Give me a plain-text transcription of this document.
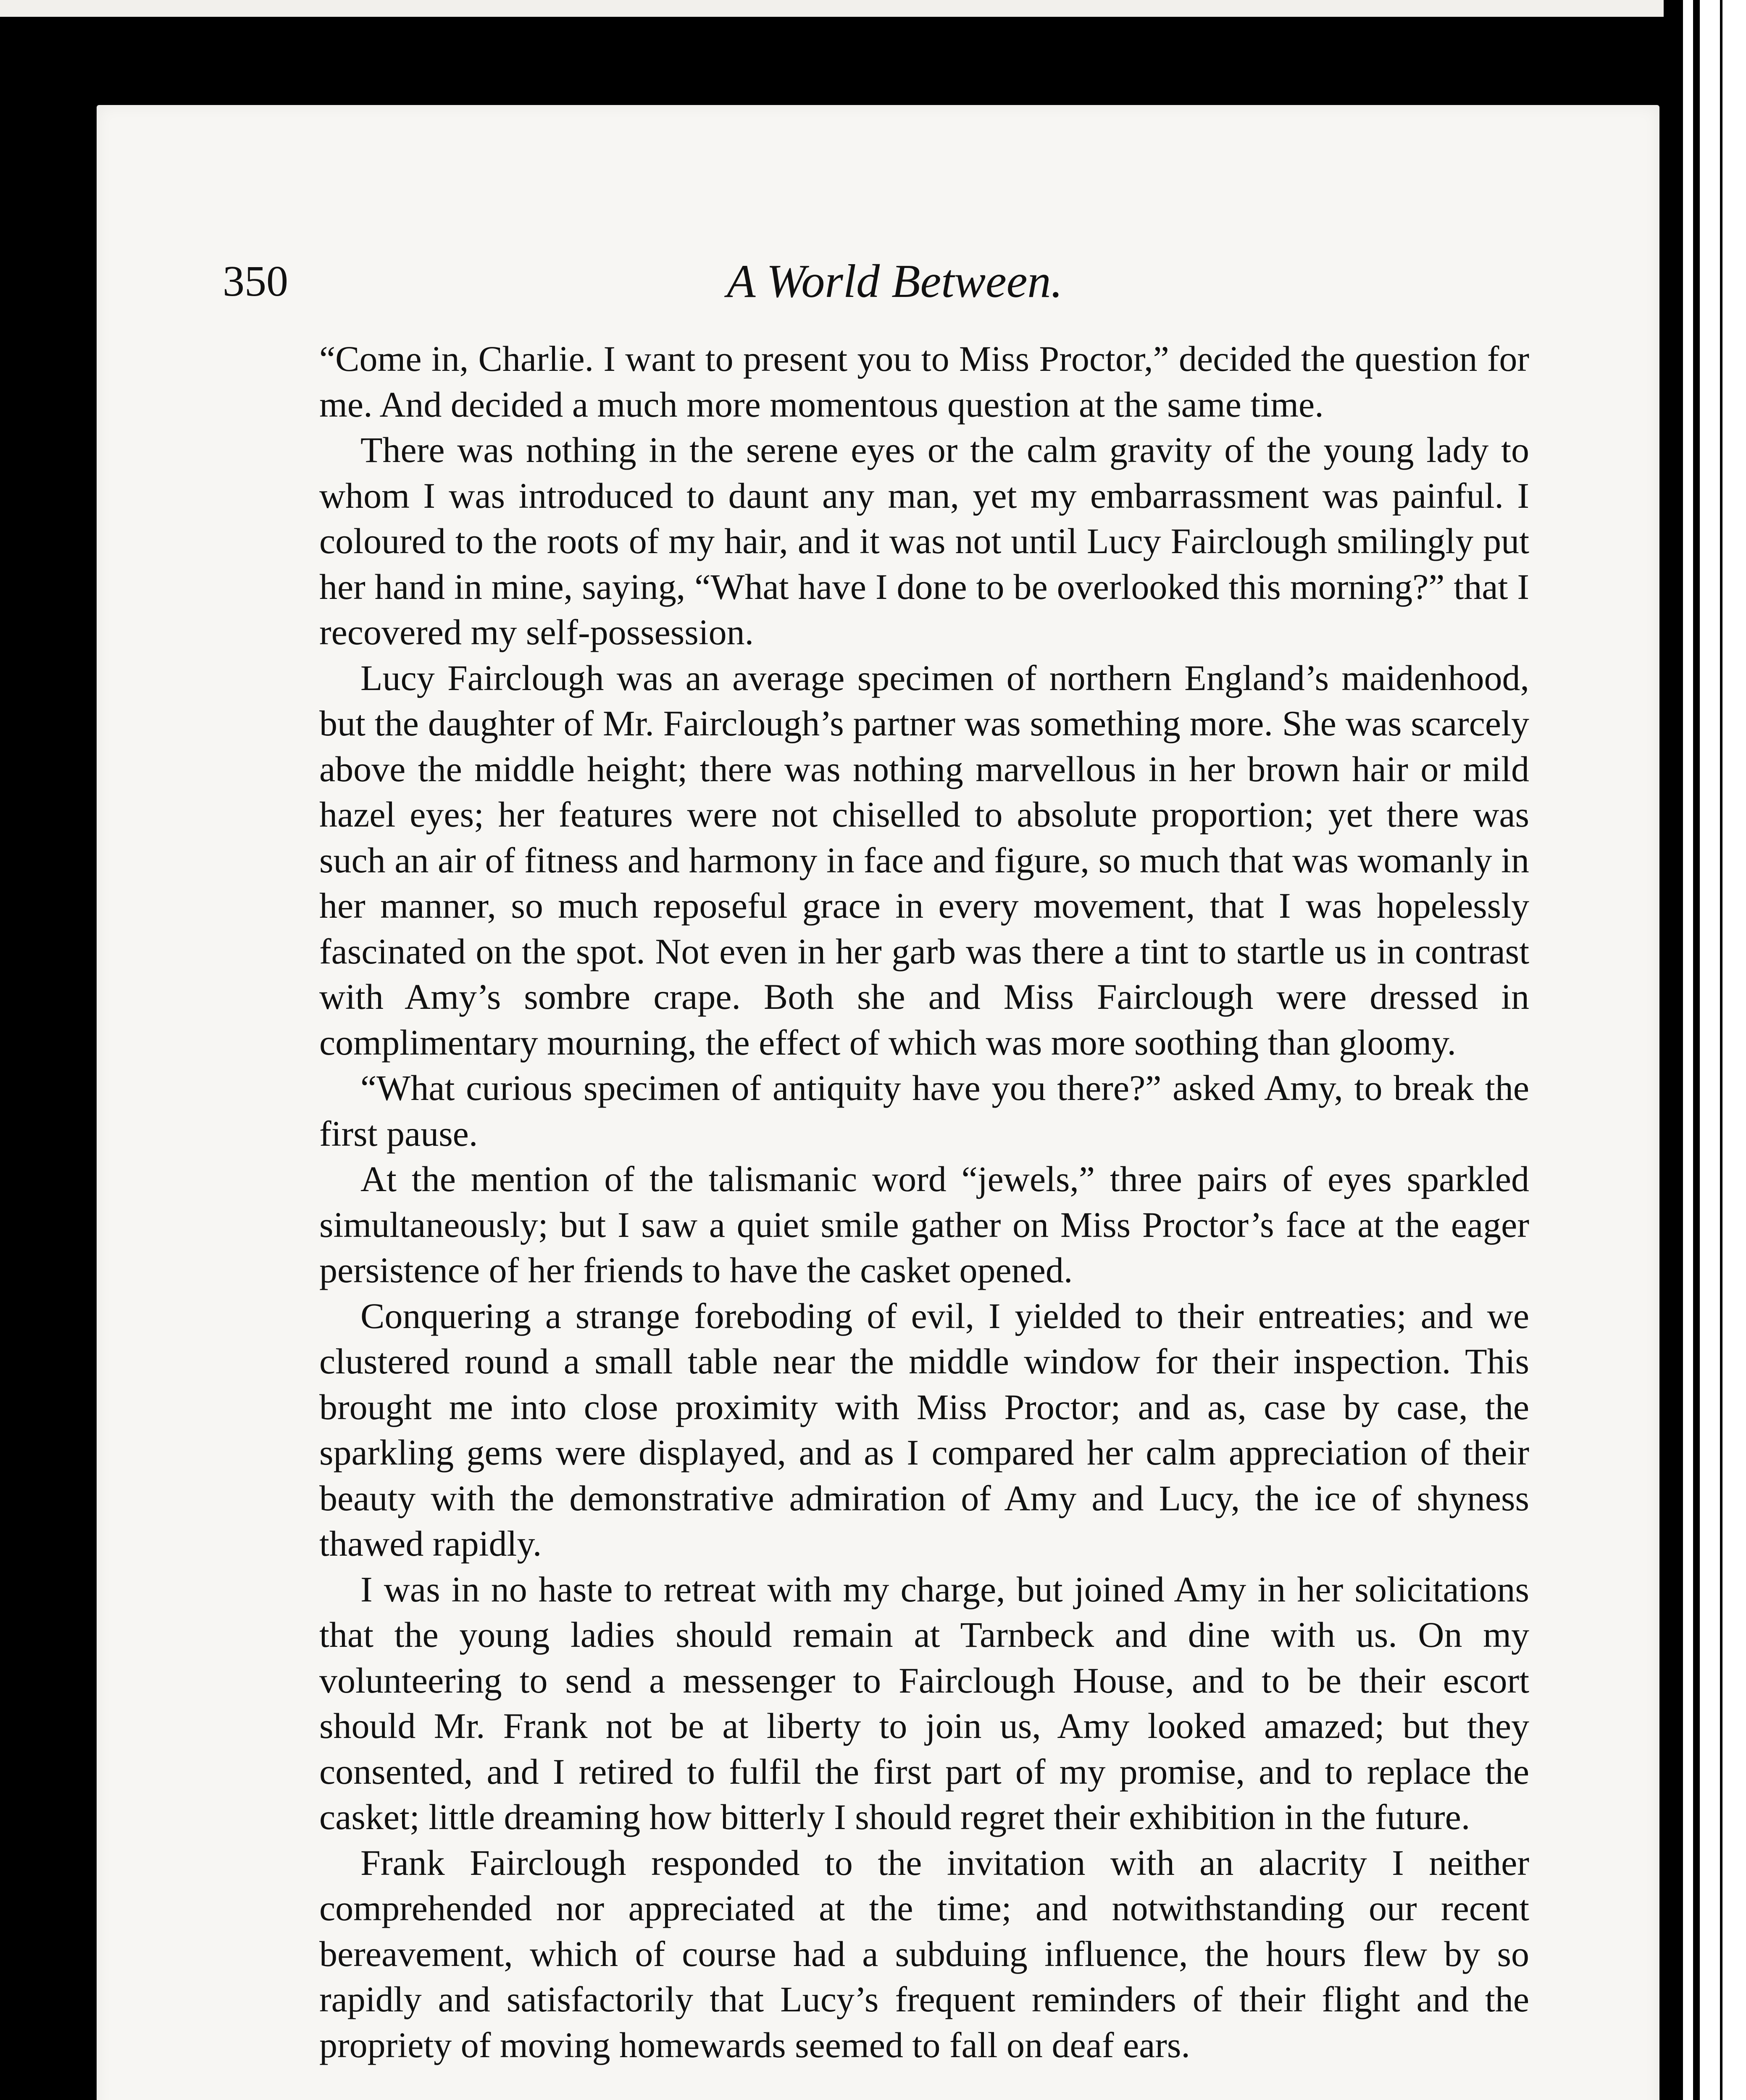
350	A World Between.

“Come in, Charlie. I want to present you to Miss Proctor,” decided the question for me. And decided a much more momentous question at the same time.

There was nothing in the serene eyes or the calm gravity of the young lady to whom I was introduced to daunt any man, yet my embarrassment was painful. I coloured to the roots of my hair, and it was not until Lucy Fairclough smilingly put her hand in mine, saying, “What have I done to be overlooked this morning?” that I recovered my self-possession.

Lucy Fairclough was an average specimen of northern England’s maidenhood, but the daughter of Mr. Fairclough’s partner was something more. She was scarcely above the middle height; there was nothing marvellous in her brown hair or mild hazel eyes; her features were not chiselled to absolute proportion; yet there was such an air of fitness and harmony in face and figure, so much that was womanly in her manner, so much reposeful grace in every movement, that I was hopelessly fascinated on the spot. Not even in her garb was there a tint to startle us in contrast with Amy’s sombre crape. Both she and Miss Fairclough were dressed in complimentary mourning, the effect of which was more soothing than gloomy.

“What curious specimen of antiquity have you there?” asked Amy, to break the first pause.

At the mention of the talismanic word “jewels,” three pairs of eyes sparkled simultaneously; but I saw a quiet smile gather on Miss Proctor’s face at the eager persistence of her friends to have the casket opened.

Conquering a strange foreboding of evil, I yielded to their entreaties; and we clustered round a small table near the middle window for their inspection. This brought me into close proximity with Miss Proctor; and as, case by case, the sparkling gems were displayed, and as I compared her calm appreciation of their beauty with the demonstrative admiration of Amy and Lucy, the ice of shyness thawed rapidly.

I was in no haste to retreat with my charge, but joined Amy in her solicitations that the young ladies should remain at Tarnbeck and dine with us. On my volunteering to send a messenger to Fairclough House, and to be their escort should Mr. Frank not be at liberty to join us, Amy looked amazed; but they consented, and I retired to fulfil the first part of my promise, and to replace the casket; little dreaming how bitterly I should regret their exhibition in the future.

Frank Fairclough responded to the invitation with an alacrity I neither comprehended nor appreciated at the time; and notwithstanding our recent bereavement, which of course had a subduing influence, the hours flew by so rapidly and satisfactorily that Lucy’s frequent reminders of their flight and the propriety of moving homewards seemed to fall on deaf ears.
